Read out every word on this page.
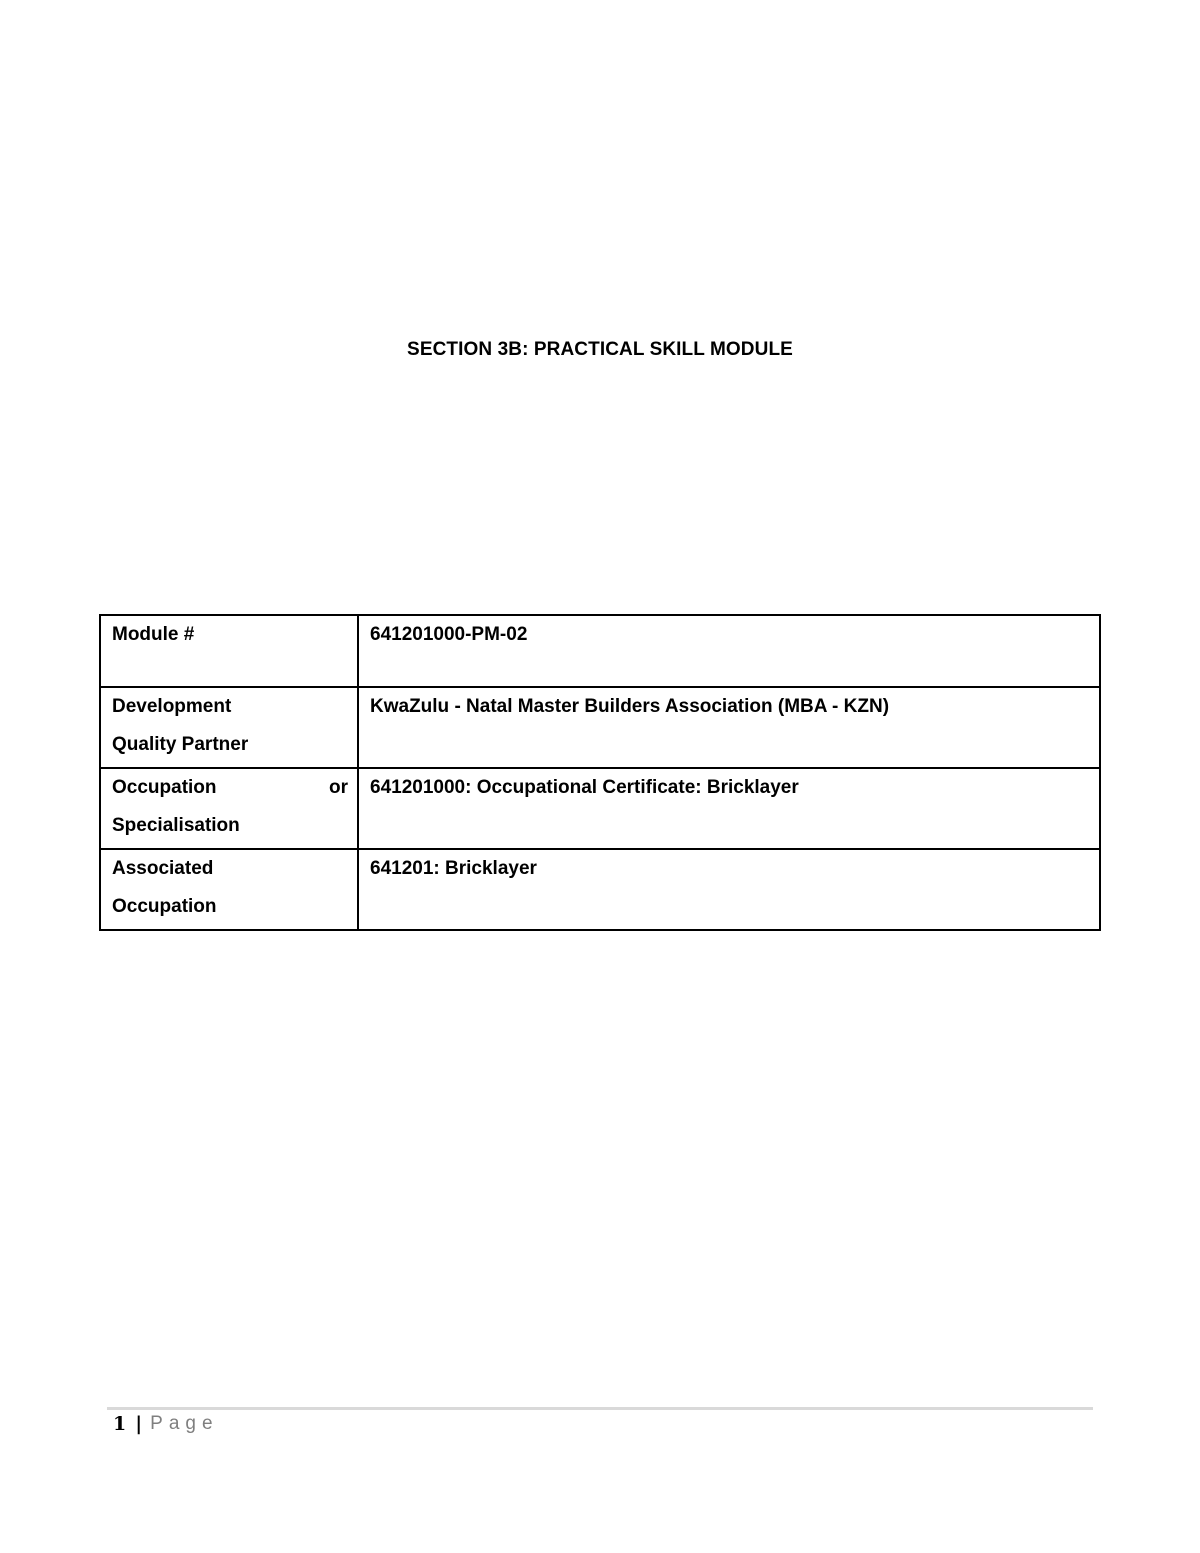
SECTION 3B: PRACTICAL SKILL MODULE
Module #	641201000-PM-02

Development
Quality Partner	KwaZulu - Natal Master Builders Association (MBA - KZN)

Occupation or
Specialisation	641201000: Occupational Certificate: Bricklayer

Associated
Occupation	641201: Bricklayer
1 | Page
